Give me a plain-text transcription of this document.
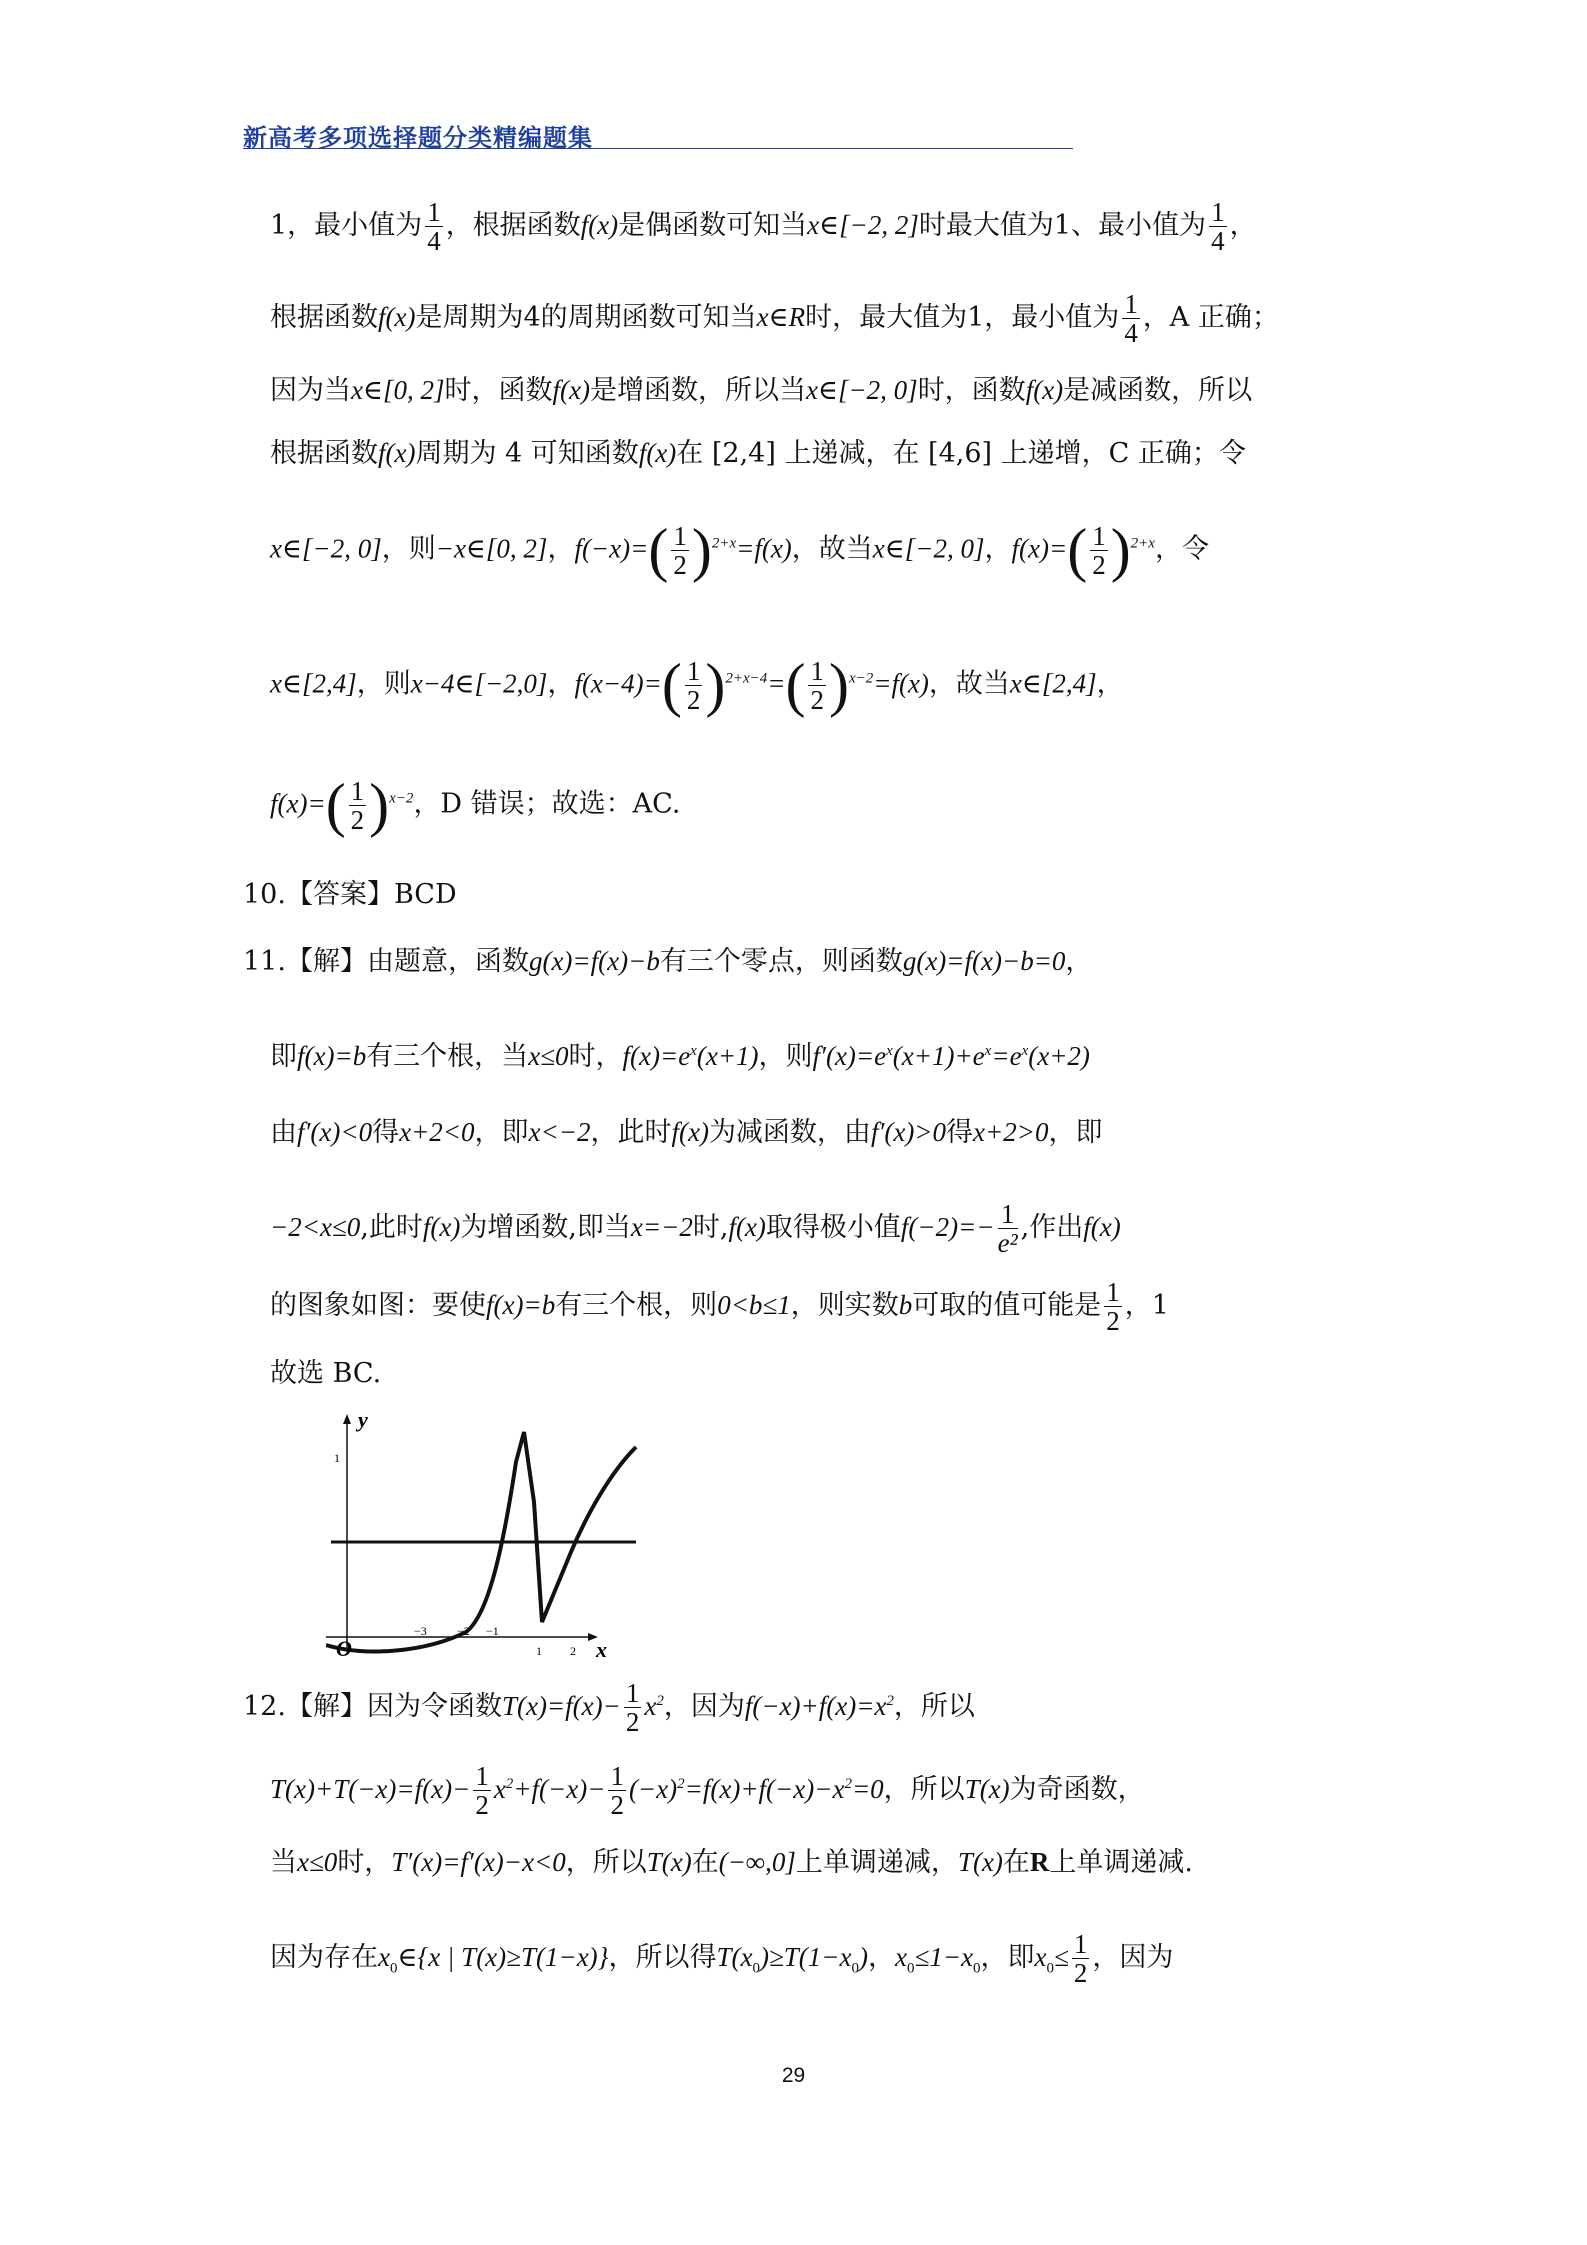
新高考多项选择题分类精编题集
1，最小值为 $\frac{1}{4}$ ，根据函数f(x)是偶函数可知当x∈[−2, 2]时最大值为1、最小值为 $\frac{1}{4}$ ，
根据函数f(x)是周期为4的周期函数可知当x∈R时，最大值为1，最小值为 $\frac{1}{4}$ ，A 正确；
因为当x∈[0, 2]时，函数f(x)是增函数，所以当x∈[−2, 0]时，函数f(x)是减函数，所以
根据函数f(x)周期为 4 可知函数f(x)在 [2,4] 上递减，在 [4,6] 上递增，C 正确；令
x∈[−2, 0]，则−x∈[0, 2]，$f(-x)=( \frac{1}{2} )^{2+x}=f(x)$，故当x∈[−2, 0]，$f(x)=( \frac{1}{2} )^{2+x}$，令
x∈[2,4]，则x−4∈[−2,0]，$f(x-4)=( \frac{1}{2} )^{2+x-4}=( \frac{1}{2} )^{x-2}=f(x)$，故当x∈[2,4]，
$f(x)=( \frac{1}{2} )^{x-2}$，D 错误；故选：AC.
10.【答案】BCD
11.【解】由题意，函数g(x)=f(x)−b有三个零点，则函数g(x)=f(x)−b=0，
即f(x)=b有三个根，当x≤0时，$f(x)=e^x(x+1)$，则$f'(x)=e^x(x+1)+e^x=e^x(x+2)$
由f′(x)<0得x+2<0，即x<−2，此时f(x)为减函数，由f′(x)>0得x+2>0，即
−2<x≤0,此时f(x)为增函数,即当x=−2时,f(x)取得极小值$f(-2)=- \frac{1}{\text{e²}}$ ,作出f(x)
的图象如图：要使f(x)=b有三个根，则0<b≤1，则实数b可取的值可能是 $\frac{1}{2}$ ，1
故选 BC.
y
1
x
O
−3	−2 −1
1 2
12.【解】因为令函数$T(x)=f(x)- \frac{1}{2} x^2$，因为$f(-x)+f(x)=x^2$，所以
$T(x)+T(-x)=f(x)- \frac{1}{2} x^2+f(-x)- \frac{1}{2} (-x)^2=f(x)+f(-x)-x^2=0$，所以T(x)为奇函数，
当x≤0时，T′(x)=f′(x)−x<0，所以T(x)在(−∞,0]上单调递减，T(x)在R上单调递减.
因为存在$x_0\in\{x$ | T(x)≥T(1−x)}，所以得$T(x_0)\ge T(1-x_0)$，$x_0\le 1-x_0$，即$x_0\le \frac{1}{2}$ ，因为
29
